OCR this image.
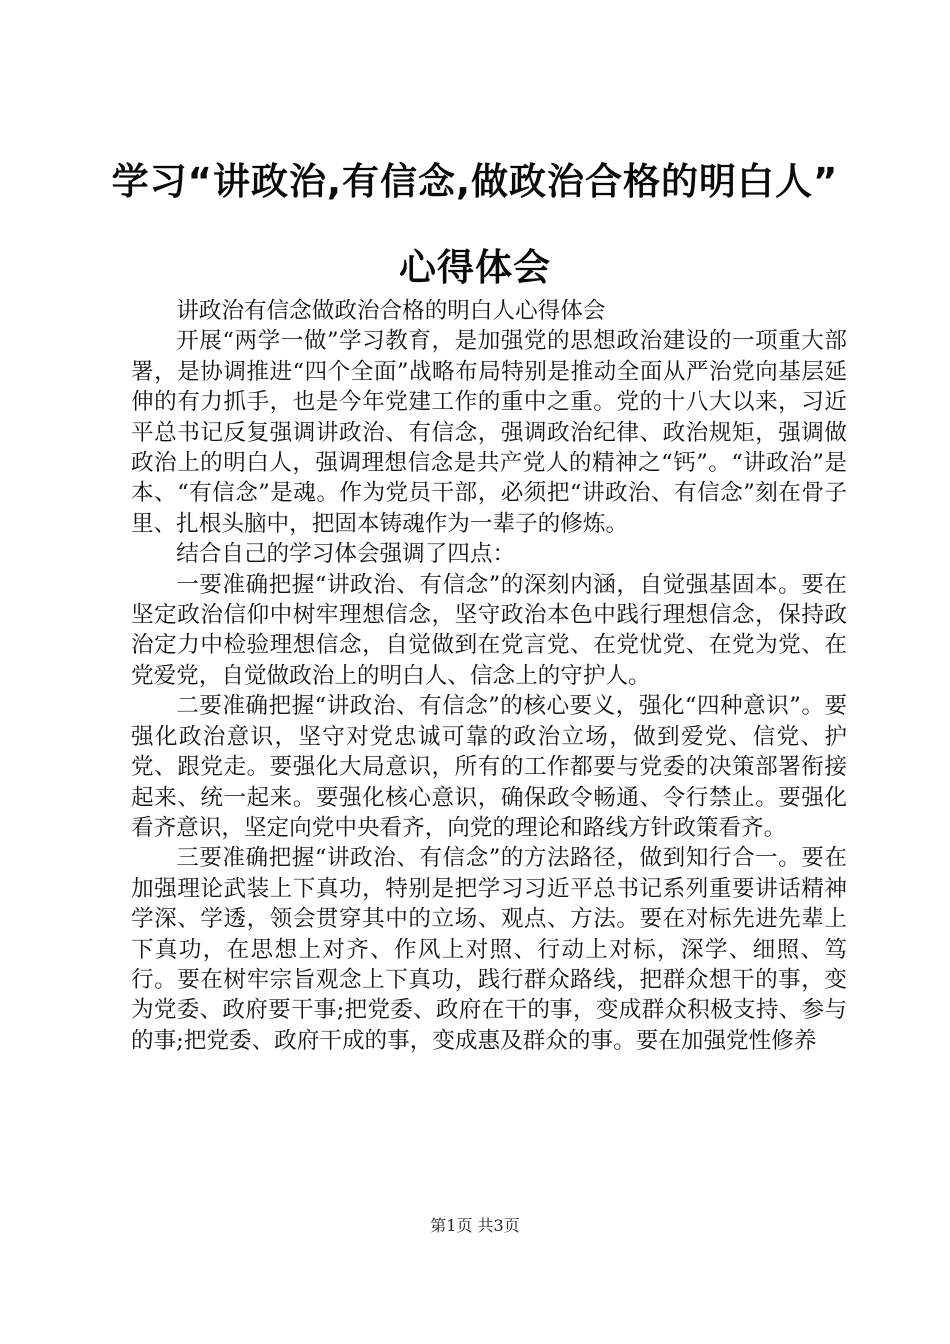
学习“讲政治,有信念,做政治合格的明白人”
心得体会

讲政治有信念做政治合格的明白人心得体会

开展“两学一做”学习教育，是加强党的思想政治建设的一项重大部署，是协调推进“四个全面”战略布局特别是推动全面从严治党向基层延伸的有力抓手，也是今年党建工作的重中之重。党的十八大以来，习近平总书记反复强调讲政治、有信念，强调政治纪律、政治规矩，强调做政治上的明白人，强调理想信念是共产党人的精神之“钙”。“讲政治”是本、“有信念”是魂。作为党员干部，必须把“讲政治、有信念”刻在骨子里、扎根头脑中，把固本铸魂作为一辈子的修炼。

结合自己的学习体会强调了四点：

一要准确把握“讲政治、有信念”的深刻内涵，自觉强基固本。要在坚定政治信仰中树牢理想信念，坚守政治本色中践行理想信念，保持政治定力中检验理想信念，自觉做到在党言党、在党忧党、在党为党、在党爱党，自觉做政治上的明白人、信念上的守护人。

二要准确把握“讲政治、有信念”的核心要义，强化“四种意识”。要强化政治意识，坚守对党忠诚可靠的政治立场，做到爱党、信党、护党、跟党走。要强化大局意识，所有的工作都要与党委的决策部署衔接起来、统一起来。要强化核心意识，确保政令畅通、令行禁止。要强化看齐意识，坚定向党中央看齐，向党的理论和路线方针政策看齐。

三要准确把握“讲政治、有信念”的方法路径，做到知行合一。要在加强理论武装上下真功，特别是把学习习近平总书记系列重要讲话精神学深、学透，领会贯穿其中的立场、观点、方法。要在对标先进先辈上下真功，在思想上对齐、作风上对照、行动上对标，深学、细照、笃行。要在树牢宗旨观念上下真功，践行群众路线，把群众想干的事，变为党委、政府要干事;把党委、政府在干的事，变成群众积极支持、参与的事;把党委、政府干成的事，变成惠及群众的事。要在加强党性修养

第1页 共3页
